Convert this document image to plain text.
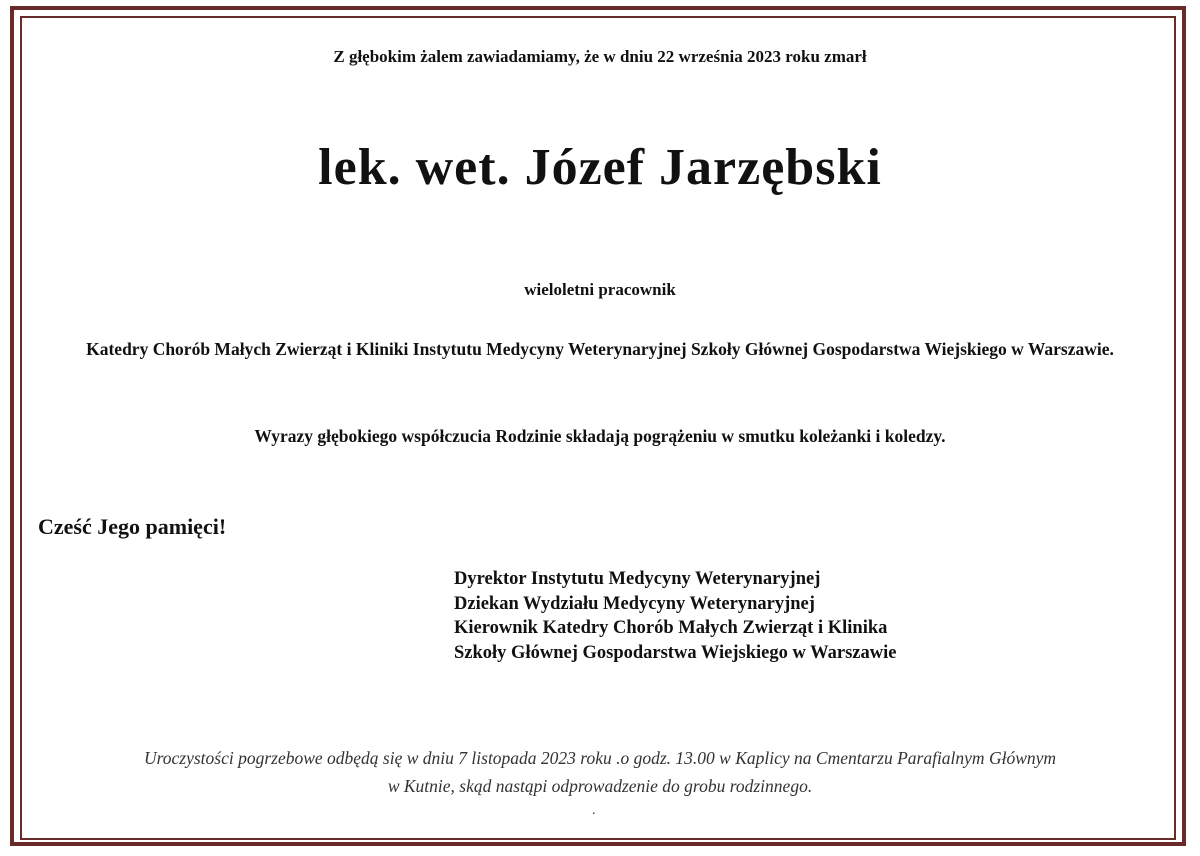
Z głębokim żalem zawiadamiamy, że w dniu 22 września 2023 roku zmarł
lek. wet. Józef Jarzębski
wieloletni pracownik
Katedry Chorób Małych Zwierząt i Kliniki Instytutu Medycyny Weterynaryjnej Szkoły Głównej Gospodarstwa Wiejskiego w Warszawie.
Wyrazy głębokiego współczucia Rodzinie składają pogrążeniu w smutku koleżanki i koledzy.
Cześć Jego pamięci!
Dyrektor Instytutu Medycyny Weterynaryjnej
Dziekan Wydziału Medycyny Weterynaryjnej
Kierownik Katedry Chorób Małych Zwierząt i Klinika
Szkoły Głównej Gospodarstwa Wiejskiego w Warszawie
Uroczystości pogrzebowe odbędą się w dniu 7 listopada 2023 roku .o godz. 13.00 w Kaplicy na Cmentarzu Parafialnym Głównym
w Kutnie, skąd nastąpi odprowadzenie do grobu rodzinnego.
.
